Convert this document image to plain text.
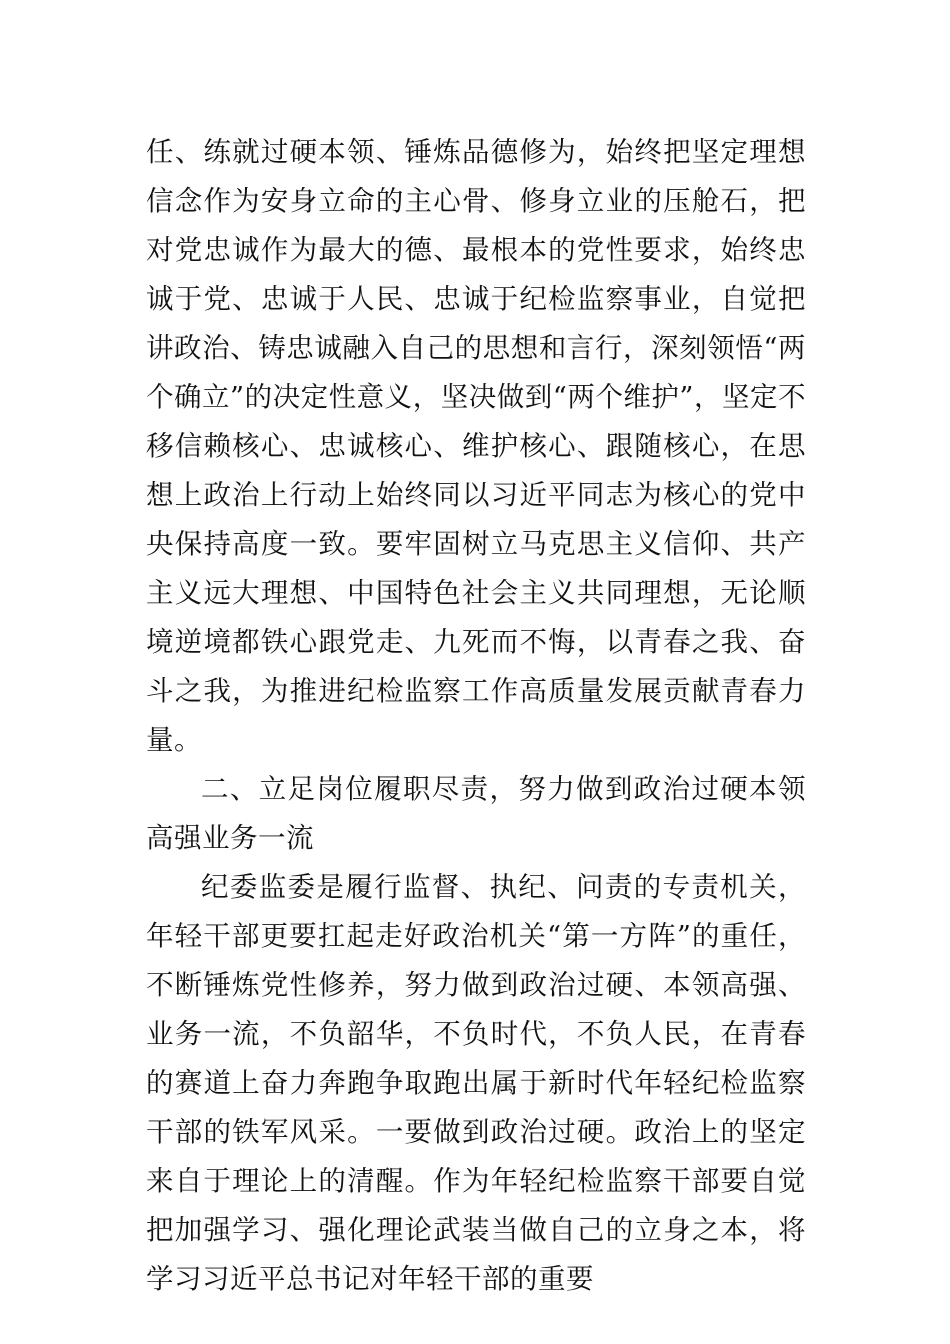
任、练就过硬本领、锤炼品德修为，始终把坚定理想信念作为安身立命的主心骨、修身立业的压舱石，把对党忠诚作为最大的德、最根本的党性要求，始终忠诚于党、忠诚于人民、忠诚于纪检监察事业，自觉把讲政治、铸忠诚融入自己的思想和言行，深刻领悟“两个确立”的决定性意义，坚决做到“两个维护”，坚定不移信赖核心、忠诚核心、维护核心、跟随核心，在思想上政治上行动上始终同以习近平同志为核心的党中央保持高度一致。要牢固树立马克思主义信仰、共产主义远大理想、中国特色社会主义共同理想，无论顺境逆境都铁心跟党走、九死而不悔，以青春之我、奋斗之我，为推进纪检监察工作高质量发展贡献青春力量。

二、立足岗位履职尽责，努力做到政治过硬本领高强业务一流

纪委监委是履行监督、执纪、问责的专责机关，年轻干部更要扛起走好政治机关“第一方阵”的重任，不断锤炼党性修养，努力做到政治过硬、本领高强、业务一流，不负韶华，不负时代，不负人民，在青春的赛道上奋力奔跑争取跑出属于新时代年轻纪检监察干部的铁军风采。一要做到政治过硬。政治上的坚定来自于理论上的清醒。作为年轻纪检监察干部要自觉把加强学习、强化理论武装当做自己的立身之本，将学习习近平总书记对年轻干部的重要
